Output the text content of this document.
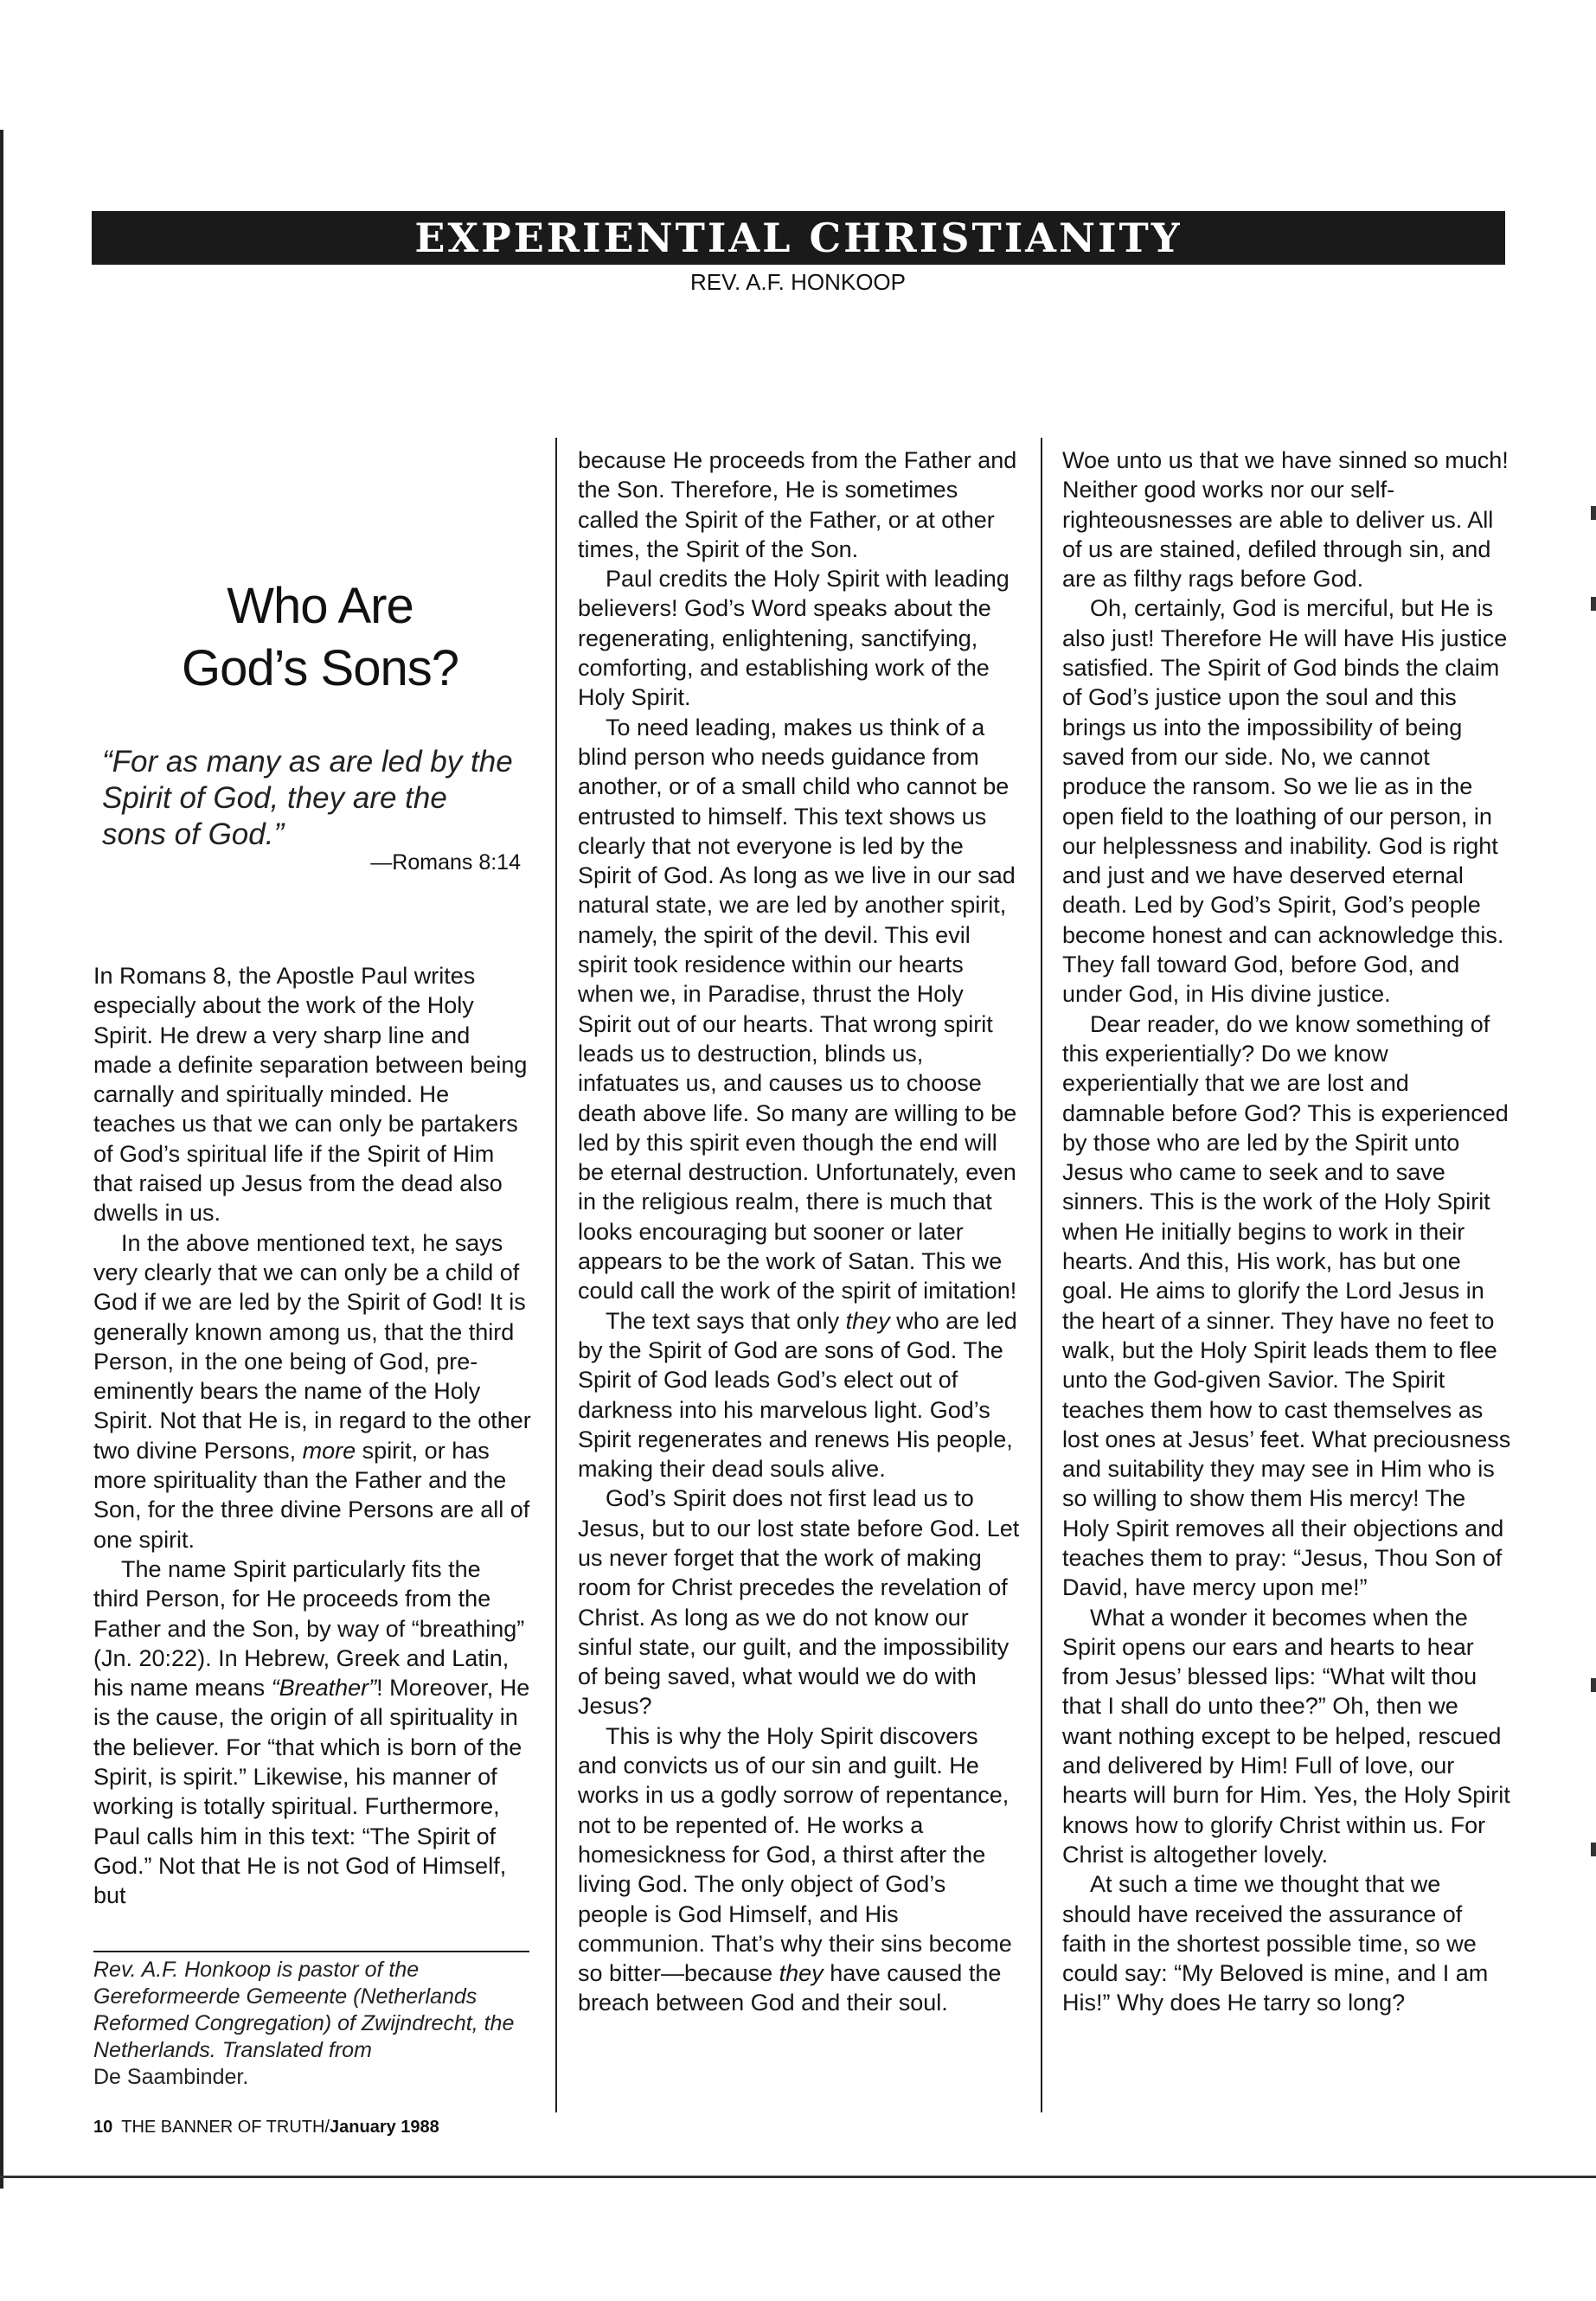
EXPERIENTIAL CHRISTIANITY
REV. A.F. HONKOOP
Who Are
God’s Sons?
“For as many as are led by the Spirit of God, they are the sons of God.”
—Romans 8:14

In Romans 8, the Apostle Paul writes especially about the work of the Holy Spirit. He drew a very sharp line and made a definite separation between being carnally and spiritually minded. He teaches us that we can only be partakers of God’s spiritual life if the Spirit of Him that raised up Jesus from the dead also dwells in us.

In the above mentioned text, he says very clearly that we can only be a child of God if we are led by the Spirit of God! It is generally known among us, that the third Person, in the one being of God, pre-eminently bears the name of the Holy Spirit. Not that He is, in regard to the other two divine Persons, more spirit, or has more spirituality than the Father and the Son, for the three divine Persons are all of one spirit.

The name Spirit particularly fits the third Person, for He proceeds from the Father and the Son, by way of “breathing” (Jn. 20:22). In Hebrew, Greek and Latin, his name means “Breather”! Moreover, He is the cause, the origin of all spirituality in the believer. For “that which is born of the Spirit, is spirit.” Likewise, his manner of working is totally spiritual. Furthermore, Paul calls him in this text: “The Spirit of God.” Not that He is not God of Himself, but

Rev. A.F. Honkoop is pastor of the Gereformeerde Gemeente (Netherlands Reformed Congregation) of Zwijndrecht, the Netherlands. Translated from
De Saambinder.
10 THE BANNER OF TRUTH/January 1988

because He proceeds from the Father and the Son. Therefore, He is sometimes called the Spirit of the Father, or at other times, the Spirit of the Son.

Paul credits the Holy Spirit with leading believers! God’s Word speaks about the regenerating, enlightening, sanctifying, comforting, and establishing work of the Holy Spirit.

To need leading, makes us think of a blind person who needs guidance from another, or of a small child who cannot be entrusted to himself. This text shows us clearly that not everyone is led by the Spirit of God. As long as we live in our sad natural state, we are led by another spirit, namely, the spirit of the devil. This evil spirit took residence within our hearts when we, in Paradise, thrust the Holy Spirit out of our hearts. That wrong spirit leads us to destruction, blinds us, infatuates us, and causes us to choose death above life. So many are willing to be led by this spirit even though the end will be eternal destruction. Unfortunately, even in the religious realm, there is much that looks encouraging but sooner or later appears to be the work of Satan. This we could call the work of the spirit of imitation!

The text says that only they who are led by the Spirit of God are sons of God. The Spirit of God leads God’s elect out of darkness into his marvelous light. God’s Spirit regenerates and renews His people, making their dead souls alive.

God’s Spirit does not first lead us to Jesus, but to our lost state before God. Let us never forget that the work of making room for Christ precedes the revelation of Christ. As long as we do not know our sinful state, our guilt, and the impossibility of being saved, what would we do with Jesus?

This is why the Holy Spirit discovers and convicts us of our sin and guilt. He works in us a godly sorrow of repentance, not to be repented of. He works a homesickness for God, a thirst after the living God. The only object of God’s people is God Himself, and His communion. That’s why their sins become so bitter—because they have caused the breach between God and their soul.

Woe unto us that we have sinned so much! Neither good works nor our self-righteousnesses are able to deliver us. All of us are stained, defiled through sin, and are as filthy rags before God.

Oh, certainly, God is merciful, but He is also just! Therefore He will have His justice satisfied. The Spirit of God binds the claim of God’s justice upon the soul and this brings us into the impossibility of being saved from our side. No, we cannot produce the ransom. So we lie as in the open field to the loathing of our person, in our helplessness and inability. God is right and just and we have deserved eternal death. Led by God’s Spirit, God’s people become honest and can acknowledge this. They fall toward God, before God, and under God, in His divine justice.

Dear reader, do we know something of this experientially? Do we know experientially that we are lost and damnable before God? This is experienced by those who are led by the Spirit unto Jesus who came to seek and to save sinners. This is the work of the Holy Spirit when He initially begins to work in their hearts. And this, His work, has but one goal. He aims to glorify the Lord Jesus in the heart of a sinner. They have no feet to walk, but the Holy Spirit leads them to flee unto the God-given Savior. The Spirit teaches them how to cast themselves as lost ones at Jesus’ feet. What preciousness and suitability they may see in Him who is so willing to show them His mercy! The Holy Spirit removes all their objections and teaches them to pray: “Jesus, Thou Son of David, have mercy upon me!”

What a wonder it becomes when the Spirit opens our ears and hearts to hear from Jesus’ blessed lips: “What wilt thou that I shall do unto thee?” Oh, then we want nothing except to be helped, rescued and delivered by Him! Full of love, our hearts will burn for Him. Yes, the Holy Spirit knows how to glorify Christ within us. For Christ is altogether lovely.

At such a time we thought that we should have received the assurance of faith in the shortest possible time, so we could say: “My Beloved is mine, and I am His!” Why does He tarry so long?
